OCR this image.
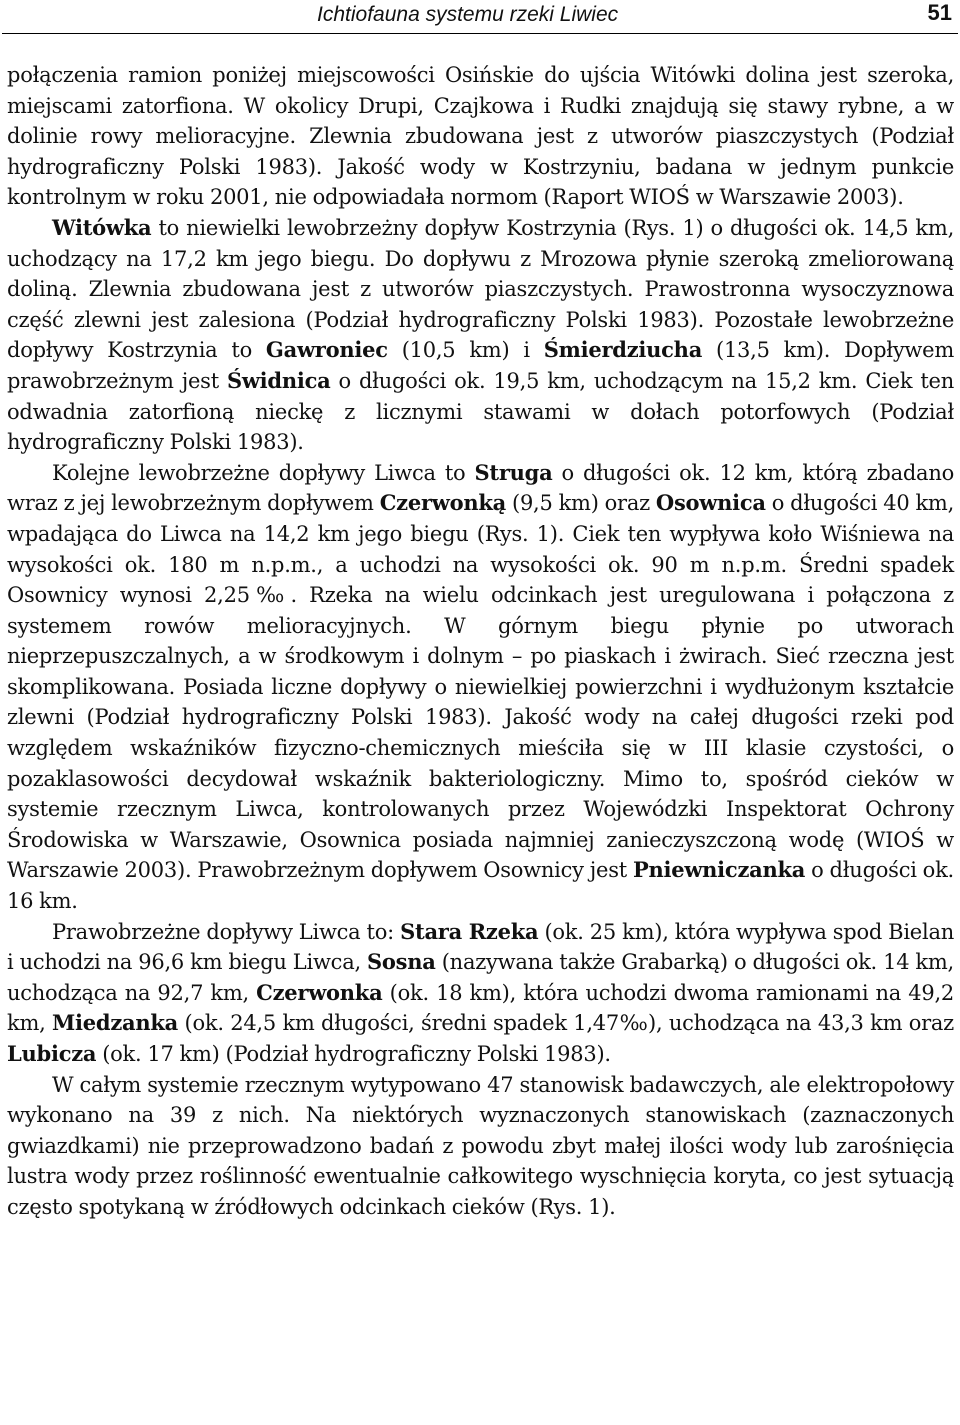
Ichtiofauna systemu rzeki Liwiec	51

połączenia ramion poniżej miejscowości Osińskie do ujścia Witówki dolina jest szeroka, miejscami zatorfiona. W okolicy Drupi, Czajkowa i Rudki znajdują się stawy rybne, a w dolinie rowy melioracyjne. Zlewnia zbudowana jest z utworów piaszczystych (Podział hydrograficzny Polski 1983). Jakość wody w Kostrzyniu, badana w jednym punkcie kontrolnym w roku 2001, nie odpowiadała normom (Raport WIOŚ w Warszawie 2003).

Witówka to niewielki lewobrzeżny dopływ Kostrzynia (Rys. 1) o długości ok. 14,5 km, uchodzący na 17,2 km jego biegu. Do dopływu z Mrozowa płynie szeroką zmeliorowaną doliną. Zlewnia zbudowana jest z utworów piaszczystych. Prawostronna wysoczyznowa część zlewni jest zalesiona (Podział hydrograficzny Polski 1983). Pozostałe lewobrzeżne dopływy Kostrzynia to Gawroniec (10,5 km) i Śmierdziucha (13,5 km). Dopływem prawobrzeżnym jest Świdnica o długości ok. 19,5 km, uchodzącym na 15,2 km. Ciek ten odwadnia zatorfioną nieckę z licznymi stawami w dołach potorfowych (Podział hydrograficzny Polski 1983).

Kolejne lewobrzeżne dopływy Liwca to Struga o długości ok. 12 km, którą zbadano wraz z jej lewobrzeżnym dopływem Czerwonką (9,5 km) oraz Osownica o długości 40 km, wpadająca do Liwca na 14,2 km jego biegu (Rys. 1). Ciek ten wypływa koło Wiśniewa na wysokości ok. 180 m n.p.m., a uchodzi na wysokości ok. 90 m n.p.m. Średni spadek Osownicy wynosi 2,25‰. Rzeka na wielu odcinkach jest uregulowana i połączona z systemem rowów melioracyjnych. W górnym biegu płynie po utworach nieprzepuszczalnych, a w środkowym i dolnym – po piaskach i żwirach. Sieć rzeczna jest skomplikowana. Posiada liczne dopływy o niewielkiej powierzchni i wydłużonym kształcie zlewni (Podział hydrograficzny Polski 1983). Jakość wody na całej długości rzeki pod względem wskaźników fizyczno-chemicznych mieściła się w III klasie czystości, o pozaklasowości decydował wskaźnik bakteriologiczny. Mimo to, spośród cieków w systemie rzecznym Liwca, kontrolowanych przez Wojewódzki Inspektorat Ochrony Środowiska w Warszawie, Osownica posiada najmniej zanieczyszczoną wodę (WIOŚ w Warszawie 2003). Prawobrzeżnym dopływem Osownicy jest Pniewniczanka o długości ok. 16 km.

Prawobrzeżne dopływy Liwca to: Stara Rzeka (ok. 25 km), która wypływa spod Bielan i uchodzi na 96,6 km biegu Liwca, Sosna (nazywana także Grabarką) o długości ok. 14 km, uchodząca na 92,7 km, Czerwonka (ok. 18 km), która uchodzi dwoma ramionami na 49,2 km, Miedzanka (ok. 24,5 km długości, średni spadek 1,47‰), uchodząca na 43,3 km oraz Lubicza (ok. 17 km) (Podział hydrograficzny Polski 1983).

W całym systemie rzecznym wytypowano 47 stanowisk badawczych, ale elektropołowy wykonano na 39 z nich. Na niektórych wyznaczonych stanowiskach (zaznaczonych gwiazdkami) nie przeprowadzono badań z powodu zbyt małej ilości wody lub zarośnięcia lustra wody przez roślinność ewentualnie całkowitego wyschnięcia koryta, co jest sytuacją często spotykaną w źródłowych odcinkach cieków (Rys. 1).
